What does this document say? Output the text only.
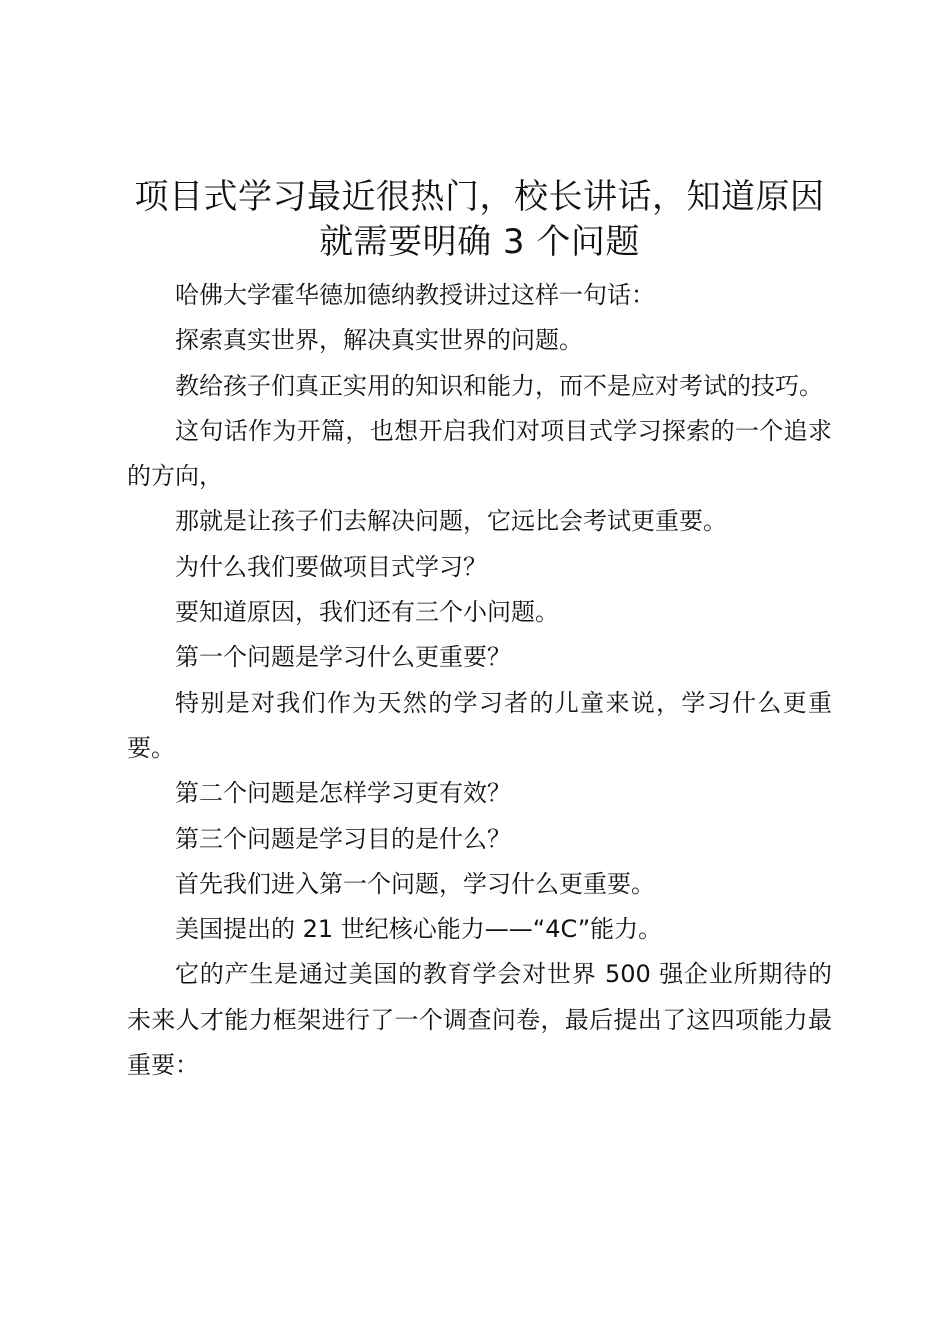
项目式学习最近很热门，校长讲话，知道原因就需要明确 3 个问题

哈佛大学霍华德加德纳教授讲过这样一句话：

探索真实世界，解决真实世界的问题。

教给孩子们真正实用的知识和能力，而不是应对考试的技巧。

这句话作为开篇，也想开启我们对项目式学习探索的一个追求的方向，

那就是让孩子们去解决问题，它远比会考试更重要。

为什么我们要做项目式学习？

要知道原因，我们还有三个小问题。

第一个问题是学习什么更重要？

特别是对我们作为天然的学习者的儿童来说，学习什么更重要。

第二个问题是怎样学习更有效？

第三个问题是学习目的是什么？

首先我们进入第一个问题，学习什么更重要。

美国提出的 21 世纪核心能力——“4C”能力。

它的产生是通过美国的教育学会对世界 500 强企业所期待的未来人才能力框架进行了一个调查问卷，最后提出了这四项能力最重要：
